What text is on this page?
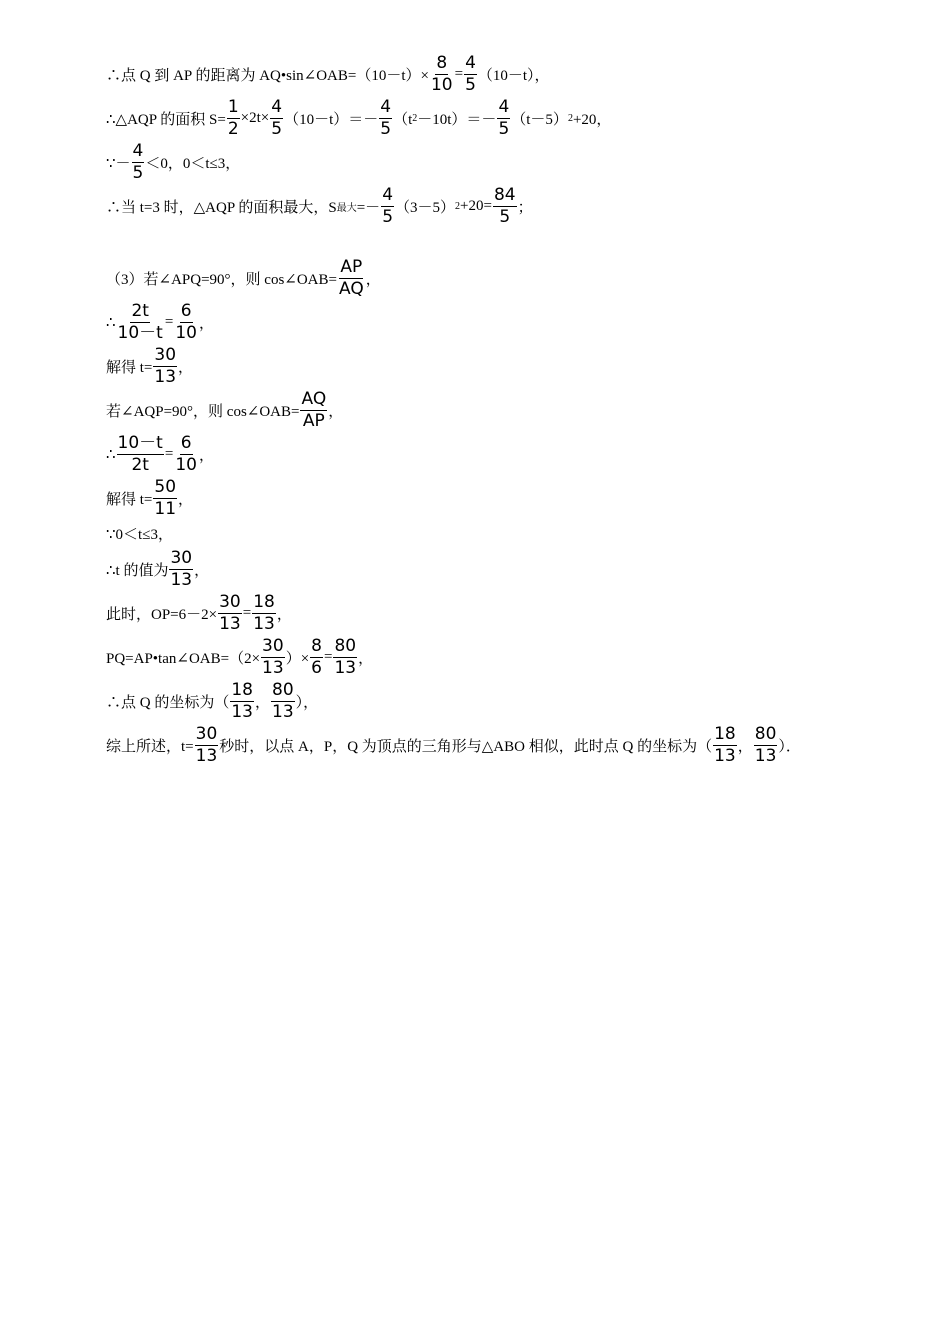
∴点 Q 到 AP 的距离为 AQ•sin∠OAB=（10－t）× $\frac{8}{10} = \frac{4}{5} (10-t)$，
∴△AQP 的面积 $S= \frac{1}{2} \times 2t\times \frac{4}{5} (10-t)=- \frac{4}{5} (t$ $2 -10t)=- \frac{4}{5} (t-5)$ 2 +20，
∵－ $\frac{4}{5} <0$，0＜t≤3，
∴当 t=3 时，△AQP 的面积最大，S 最大 =－ $\frac{4}{5} (3-5)$ $2 +20= \frac{84}{5}$ ；
（3）若∠APQ=90°，则 cos∠OAB= $\frac{AP}{AQ}$ ，
∴ $\frac{2t}{10-t} = \frac{6}{10}$ ，
解得 $t= \frac{30}{13}$ ，
若∠AQP=90°，则 cos∠OAB= $\frac{AQ}{AP}$ ，
∴ $\frac{10-t}{2t} = \frac{6}{10}$ ，
解得 $t= \frac{50}{11}$ ，
∵0＜t≤3，
∴t 的值为 $\frac{30}{13}$ ，
此时，$OP=6-2\times \frac{30}{13} = \frac{18}{13}$ ，
PQ=AP•tan∠OAB=（2× $\frac{30}{13}$ ）× $\frac{8}{6} = \frac{80}{13}$ ，
∴点 Q 的坐标为（ $\frac{18}{13}$ ， $\frac{80}{13}$ ），
综上所述，$t= \frac{30}{13}$ 秒时，以点 A，P，Q 为顶点的三角形与△ABO 相似，此时点 Q 的坐标为（ $\frac{18}{13}$ ， $\frac{80}{13}$ ）．
